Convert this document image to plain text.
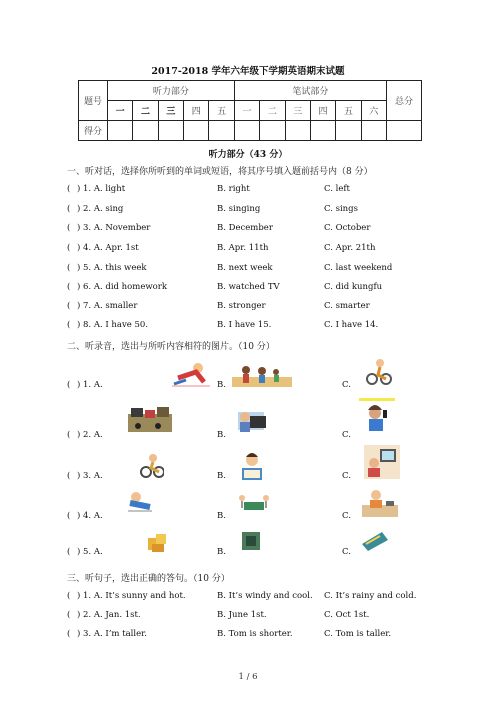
2017-2018 学年六年级下学期英语期末试题
题号	听力部分					笔试部分						总分
	一	二	三	四	五	一	二	三	四	五	六	
得分												
听力部分（43 分）
一、听对话，选择你所听到的单词或短语，将其序号填入题前括号内（8 分）
( ) 1. A. light	B. right	C. left
( ) 2. A. sing	B. singing	C. sings
( ) 3. A. November	B. December	C. October
( ) 4. A. Apr. 1st	B. Apr. 11th	C. Apr. 21th
( ) 5. A. this week	B. next week	C. last weekend
( ) 6. A. did homework	B. watched TV	C. did kungfu
( ) 7. A. smaller	B. stronger	C. smarter
( ) 8. A. I have 50.	B. I have 15.	C. I have 14.
二、听录音，选出与所听内容相符的图片。（10 分）
( ) 1. A.	B.	C.
( ) 2. A.	B.	C.
( ) 3. A.	B.	C.
( ) 4. A.	B.	C.
( ) 5. A.	B.	C.
三、听句子，选出正确的答句。（10 分）
( ) 1. A. It’s sunny and hot.	B. It’s windy and cool. C. It’s rainy and cold.
( ) 2. A. Jan. 1st.	B. June 1st.	C. Oct 1st.
( ) 3. A. I’m taller.	B. Tom is shorter.	C. Tom is taller.
1 / 6
